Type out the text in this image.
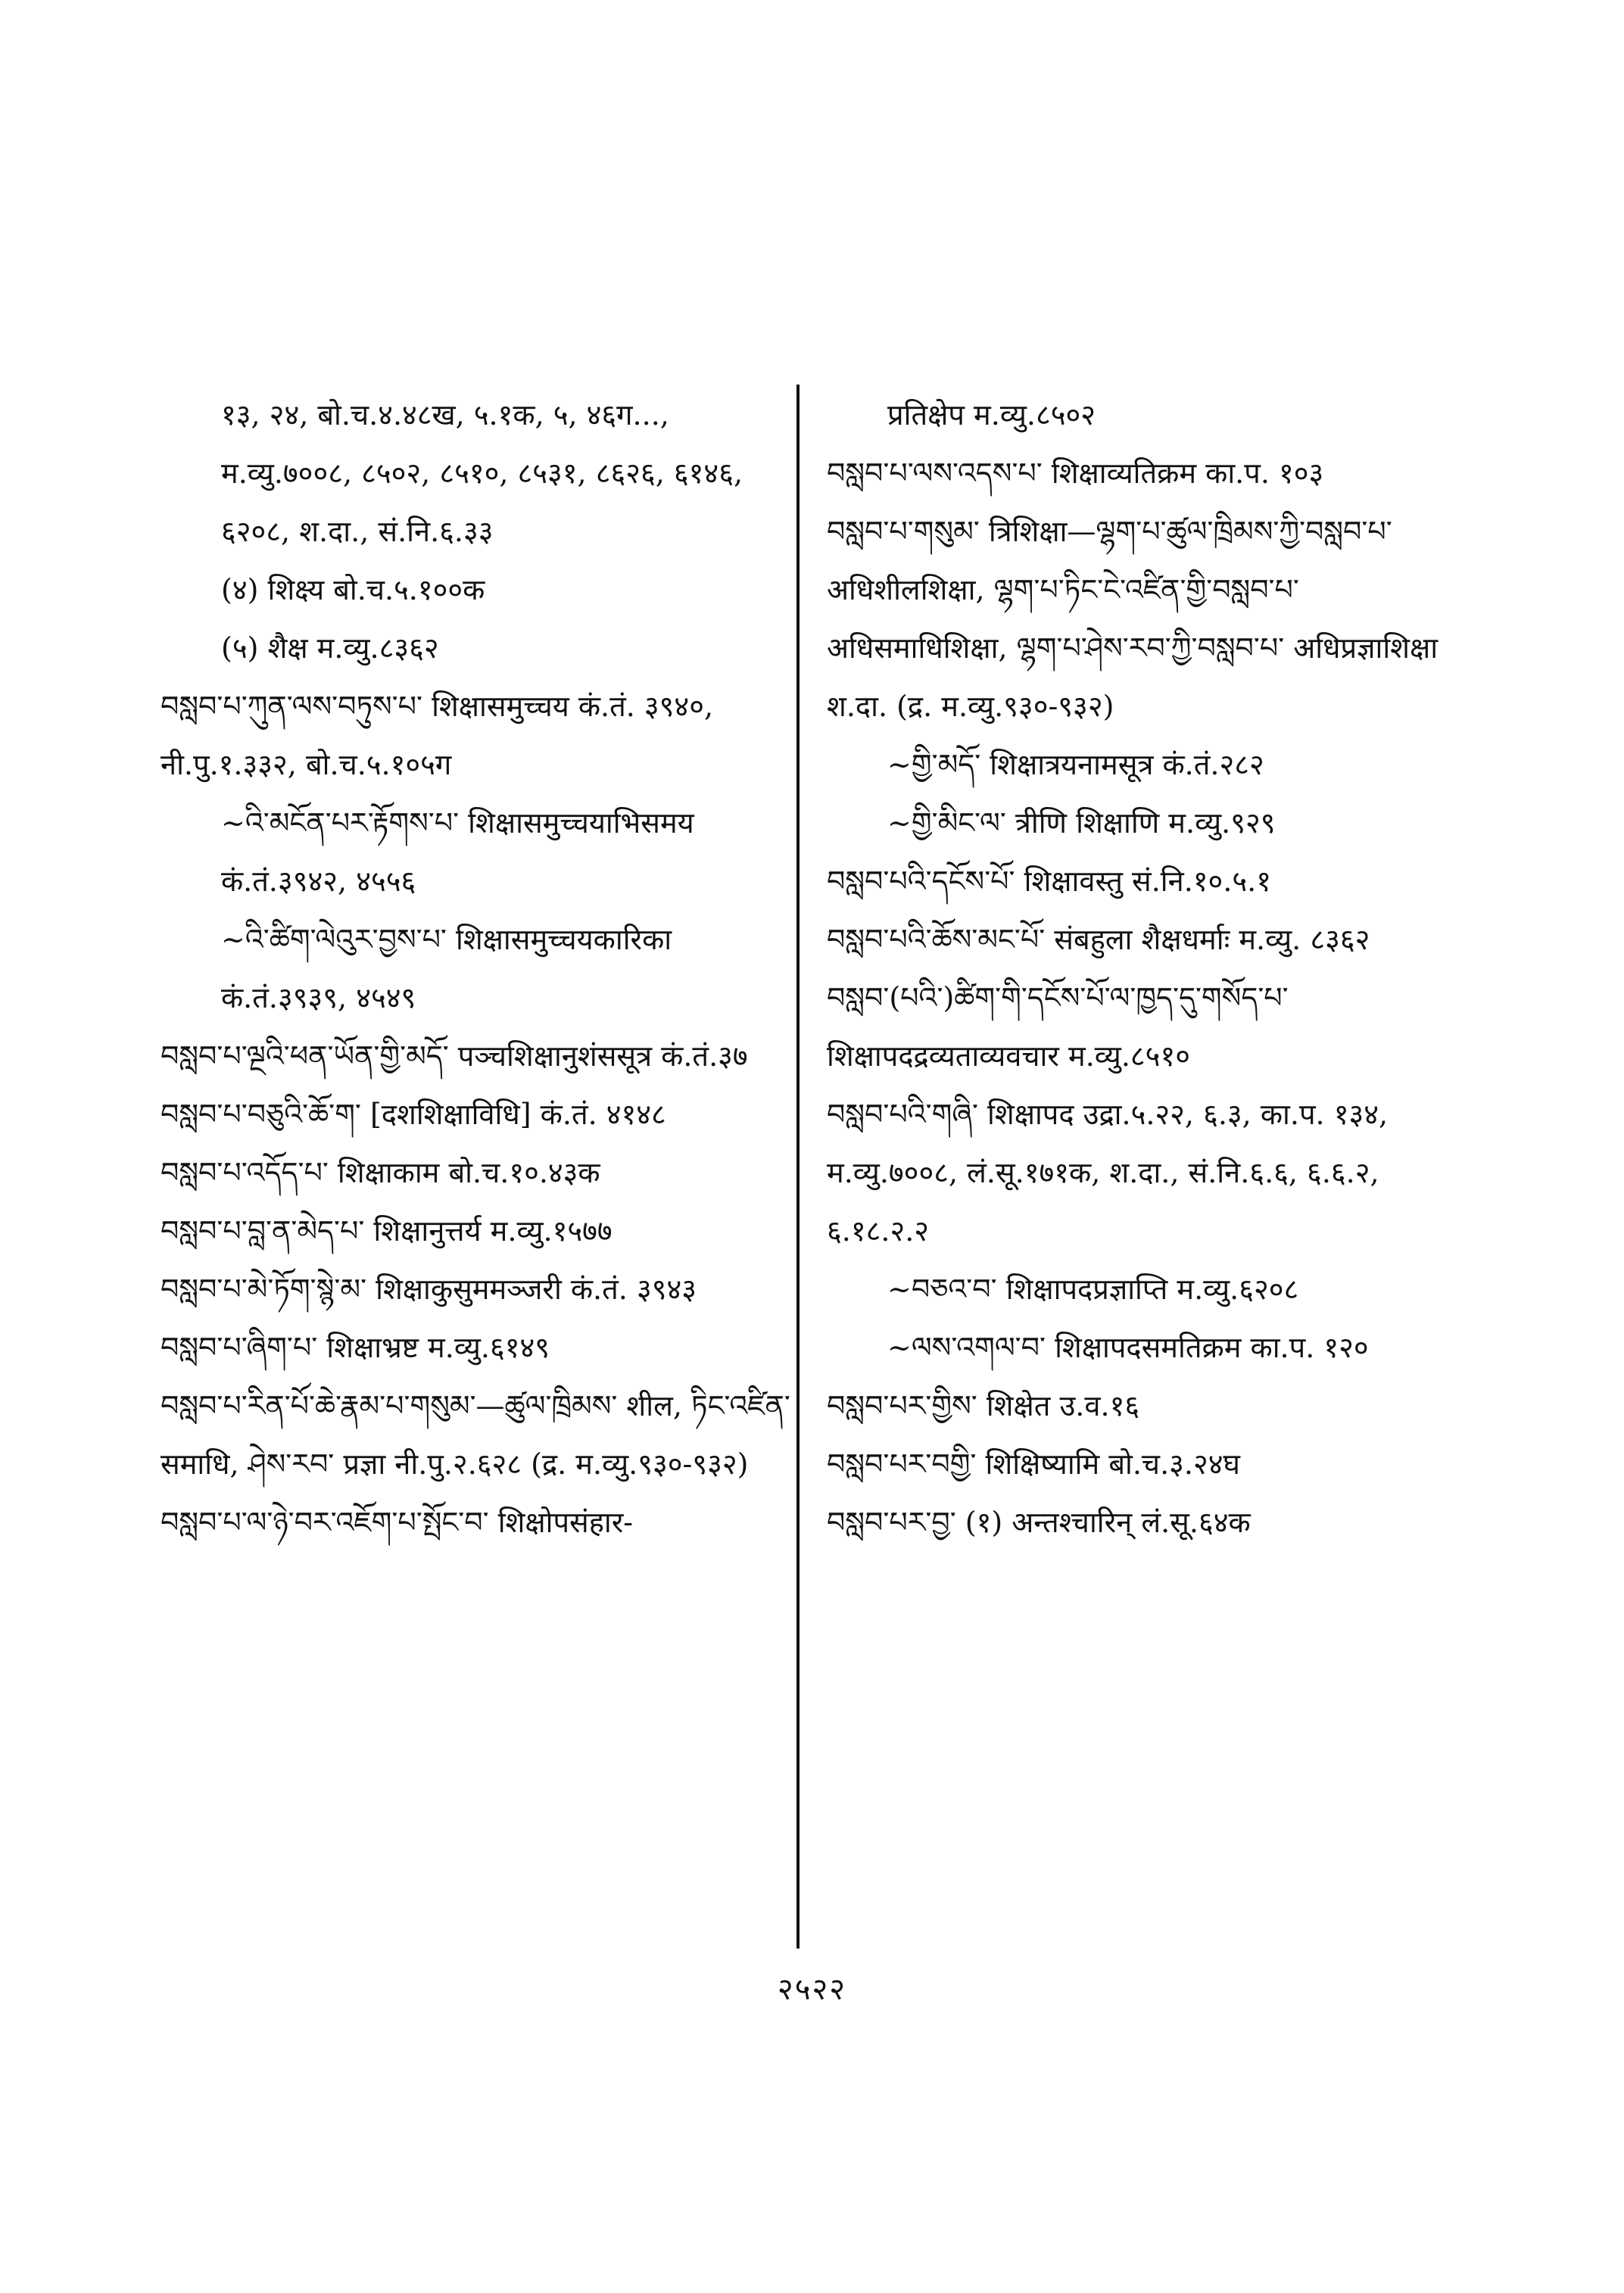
१३, २४, बो.च.४.४८ख, ५.१क, ५, ४६ग..., म.व्यु.७००८, ८५०२, ८५१०, ८५३१, ८६२६, ६१४६, ६२०८, श.दा., सं.नि.६.३३
(४) शिक्ष्य बो.च.५.१००क
(५) शैक्ष म.व्यु.८३६२
བསླབ་པ་ཀུན་ལས་བཏུས་པ་ शिक्षासमुच्चय कं.तं. ३९४०, नी.पु.१.३३२, बो.च.५.१०५ग
~འི་མངོན་པར་རྟོགས་པ་ शिक्षासमुच्चयाभिसमय कं.तं.३९४२, ४५५६
~འི་ཚིག་ལེའུར་བྱས་པ་ शिक्षासमुच्चयकारिका कं.तं.३९३९, ४५४९
བསླབ་པ་ལྔའི་ཕན་ཡོན་གྱི་མདོ་ पञ्चशिक्षानुशंससूत्र कं.तं.३७
བསླབ་པ་བཅུའི་ཆོ་ག་ [दशशिक्षाविधि] कं.तं. ४१४८
བསླབ་པ་འདོད་པ་ शिक्षाकाम बो.च.१०.४३क
བསླབ་པ་བླ་ན་མེད་པ་ शिक्षानुत्तर्य म.व्यु.१५७७
བསླབ་པ་མེ་ཏོག་སྙེ་མ་ शिक्षाकुसुममञ्जरी कं.तं. ३९४३
བསླབ་པ་ཞིག་པ་ शिक्षाभ्रष्ट म.व्यु.६१४९
བསླབ་པ་རིན་པོ་ཆེ་རྣམ་པ་གསུམ་—ཚུལ་ཁྲིམས་ शील, ཏིང་འཛིན་ समाधि, ཤེས་རབ་ प्रज्ञा नी.पु.२.६२८ (द्र. म.व्यु.९३०-९३२)
བསླབ་པ་ལ་ཉེ་བར་འཇོག་པ་སྤོང་བ་ शिक्षोपसंहार-
प्रतिक्षेप म.व्यु.८५०२
བསླབ་པ་ལས་འདས་པ་ शिक्षाव्यतिक्रम का.प. १०३
བསླབ་པ་གསུམ་ त्रिशिक्षा—ལྷག་པ་ཚུལ་ཁྲིམས་ཀྱི་བསླབ་པ་ अधिशीलशिक्षा, ལྷག་པ་ཏིང་ངེ་འཛིན་གྱི་བསླབ་པ་ अधिसमाधिशिक्षा, ལྷག་པ་ཤེས་རབ་ཀྱི་བསླབ་པ་ अधिप्रज्ञाशिक्षा श.दा. (द्र. म.व्यु.९३०-९३२)
~གྱི་མདོ་ शिक्षात्रयनामसूत्र कं.तं.२८२
~གྱི་མིང་ལ་ त्रीणि शिक्षाणि म.व्यु.९२९
བསླབ་པའི་དངོས་པོ་ शिक्षावस्तु सं.नि.१०.५.१
བསླབ་པའི་ཆོས་མང་པོ་ संबहुला शैक्षधर्माः म.व्यु. ८३६२
བསླབ་(པའི་)ཚིག་གི་དངོས་པོ་ལ་ཁྱད་དུ་གསོད་པ་ शिक्षापदद्रव्यताव्यवचार म.व्यु.८५१०
བསླབ་པའི་གཞི་ शिक्षापद उद्रा.५.२२, ६.३, का.प. १३४, म.व्यु.७००८, लं.सू.१७१क, श.दा., सं.नि.६.६, ६.६.२, ६.१८.२.२
~བཅའ་བ་ शिक्षापदप्रज्ञाप्ति म.व्यु.६२०८
~ལས་འགལ་བ་ शिक्षापदसमतिक्रम का.प. १२०
བསླབ་པར་གྱིས་ शिक्षेत उ.व.१६
བསླབ་པར་བགྱི་ शिक्षिष्यामि बो.च.३.२४घ
བསླབ་པར་བྱ་ (१) अन्तश्चारिन् लं.सू.६४क
२५२२
